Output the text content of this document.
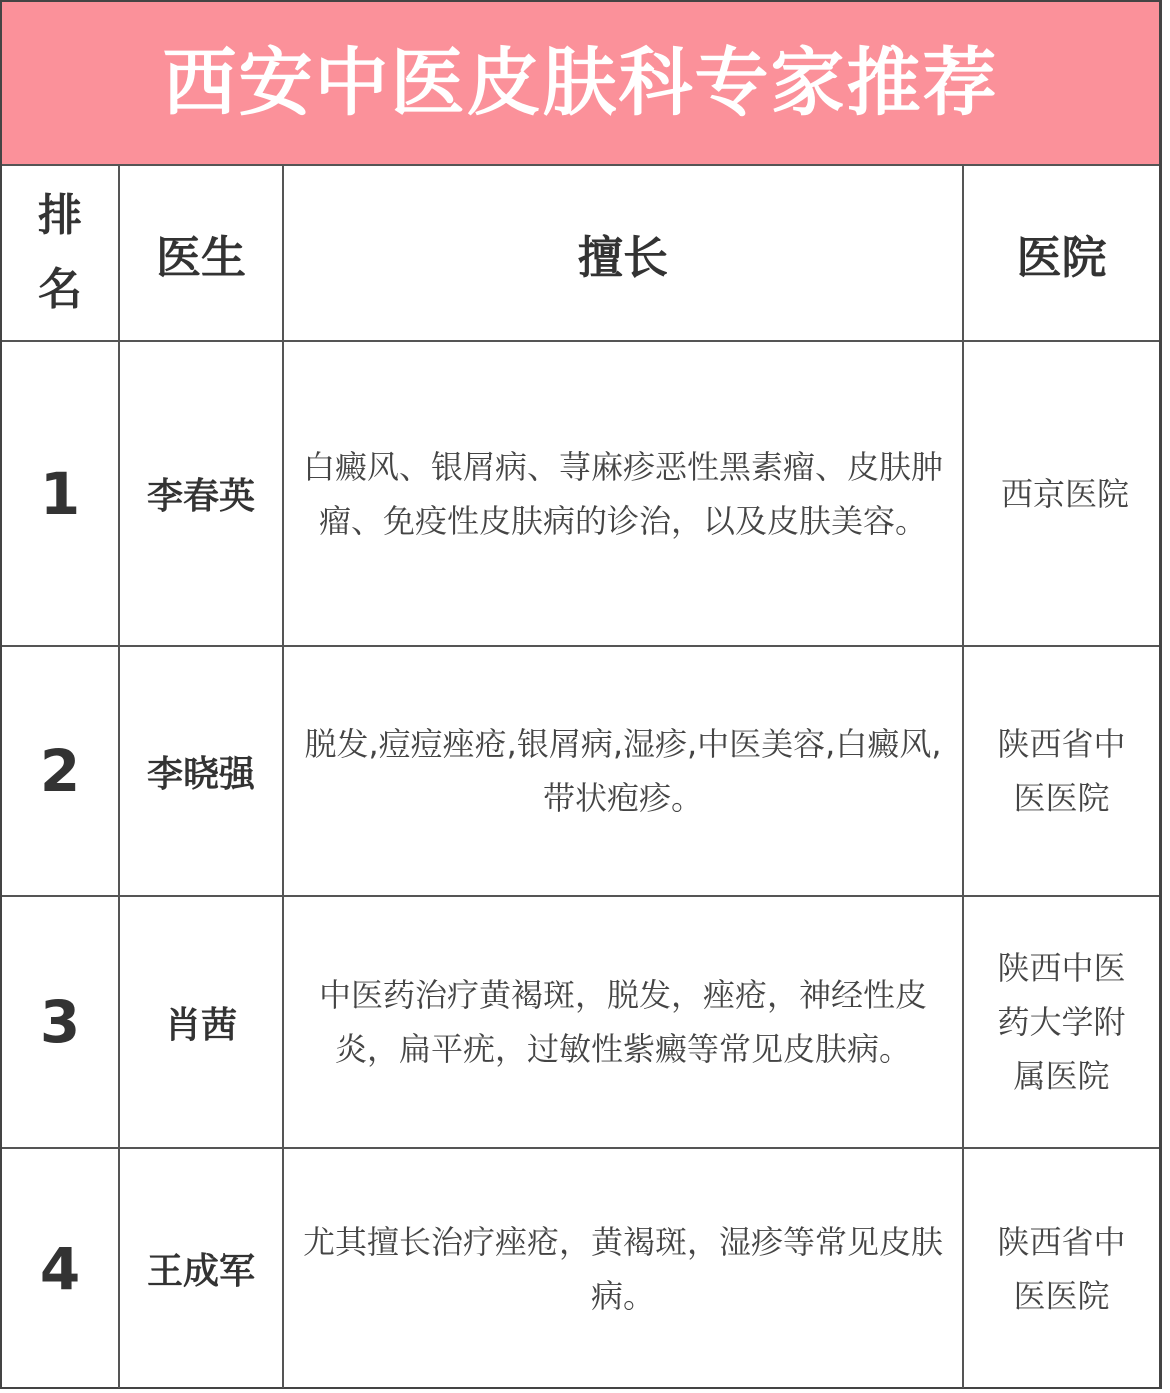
西安中医皮肤科专家推荐
排名	医生	擅长	医院
1	李春英	白癜风、银屑病、荨麻疹恶性黑素瘤、皮肤肿瘤、免疫性皮肤病的诊治，以及皮肤美容。	西京医院

2	李晓强	脱发,痘痘痤疮,银屑病,湿疹,中医美容,白癜风,带状疱疹。	陕西省中医医院

3	肖茜	中医药治疗黄褐斑，脱发，痤疮，神经性皮炎，扁平疣，过敏性紫癜等常见皮肤病。	陕西中医药大学附属医院

4	王成军	尤其擅长治疗痤疮，黄褐斑，湿疹等常见皮肤病。	陕西省中医医院
